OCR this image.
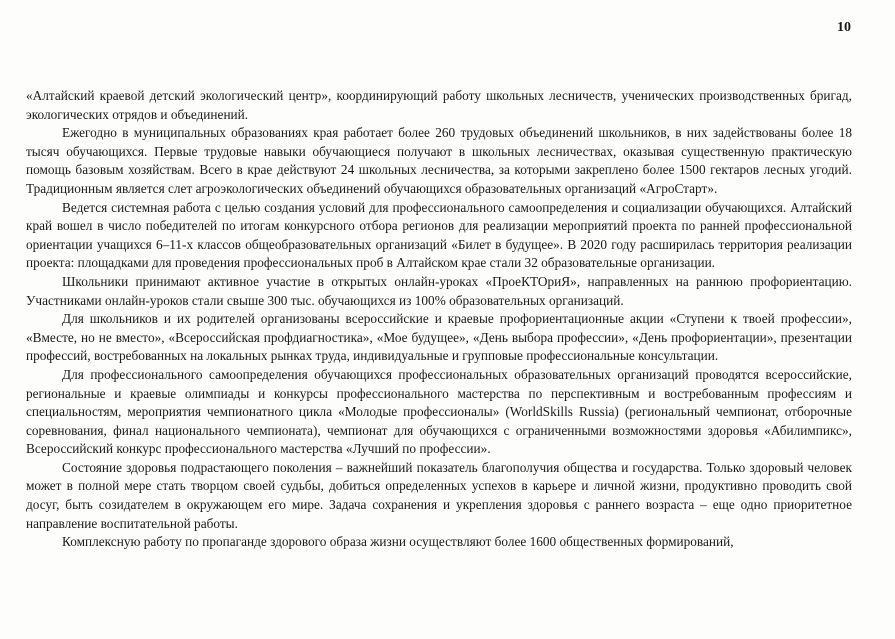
10

«Алтайский краевой детский экологический центр», координирующий работу школьных лесничеств, ученических производственных бригад, экологических отрядов и объединений.

Ежегодно в муниципальных образованиях края работает более 260 трудовых объединений школьников, в них задействованы более 18 тысяч обучающихся. Первые трудовые навыки обучающиеся получают в школьных лесничествах, оказывая существенную практическую помощь базовым хозяйствам. Всего в крае действуют 24 школьных лесничества, за которыми закреплено более 1500 гектаров лесных угодий. Традиционным является слет агроэкологических объединений обучающихся образовательных организаций «АгроСтарт».

Ведется системная работа с целью создания условий для профессионального самоопределения и социализации обучающихся. Алтайский край вошел в число победителей по итогам конкурсного отбора регионов для реализации мероприятий проекта по ранней профессиональной ориентации учащихся 6–11-х классов общеобразовательных организаций «Билет в будущее». В 2020 году расширилась территория реализации проекта: площадками для проведения профессиональных проб в Алтайском крае стали 32 образовательные организации.

Школьники принимают активное участие в открытых онлайн-уроках «ПроеКТОриЯ», направленных на раннюю профориентацию. Участниками онлайн-уроков стали свыше 300 тыс. обучающихся из 100% образовательных организаций.

Для школьников и их родителей организованы всероссийские и краевые профориентационные акции «Ступени к твоей профессии», «Вместе, но не вместо», «Всероссийская профдиагностика», «Мое будущее», «День выбора профессии», «День профориентации», презентации профессий, востребованных на локальных рынках труда, индивидуальные и групповые профессиональные консультации.

Для профессионального самоопределения обучающихся профессиональных образовательных организаций проводятся всероссийские, региональные и краевые олимпиады и конкурсы профессионального мастерства по перспективным и востребованным профессиям и специальностям, мероприятия чемпионатного цикла «Молодые профессионалы» (WorldSkills Russia) (региональный чемпионат, отборочные соревнования, финал национального чемпионата), чемпионат для обучающихся с ограниченными возможностями здоровья «Абилимпикс», Всероссийский конкурс профессионального мастерства «Лучший по профессии».

Состояние здоровья подрастающего поколения – важнейший показатель благополучия общества и государства. Только здоровый человек может в полной мере стать творцом своей судьбы, добиться определенных успехов в карьере и личной жизни, продуктивно проводить свой досуг, быть созидателем в окружающем его мире. Задача сохранения и укрепления здоровья с раннего возраста – еще одно приоритетное направление воспитательной работы.

Комплексную работу по пропаганде здорового образа жизни осуществляют более 1600 общественных формирований,
